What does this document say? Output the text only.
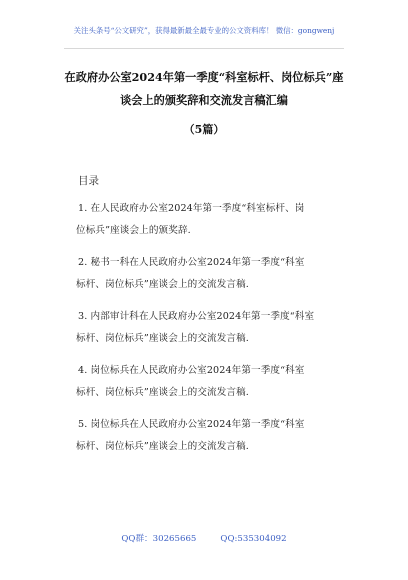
关注头条号“公文研究”，获得最新最全最专业的公文资料库！ 微信：gongwenj
在政府办公室2024年第一季度“科室标杆、岗位标兵”座
谈会上的颁奖辞和交流发言稿汇编
（5篇）
目录
1. 在人民政府办公室2024年第一季度“科室标杆、岗
位标兵”座谈会上的颁奖辞.
2. 秘书一科在人民政府办公室2024年第一季度“科室
标杆、岗位标兵”座谈会上的交流发言稿.
3. 内部审计科在人民政府办公室2024年第一季度“科室
标杆、岗位标兵”座谈会上的交流发言稿.
4. 岗位标兵在人民政府办公室2024年第一季度“科室
标杆、岗位标兵”座谈会上的交流发言稿.
5. 岗位标兵在人民政府办公室2024年第一季度“科室
标杆、岗位标兵”座谈会上的交流发言稿.
QQ群：30265665	QQ:535304092
